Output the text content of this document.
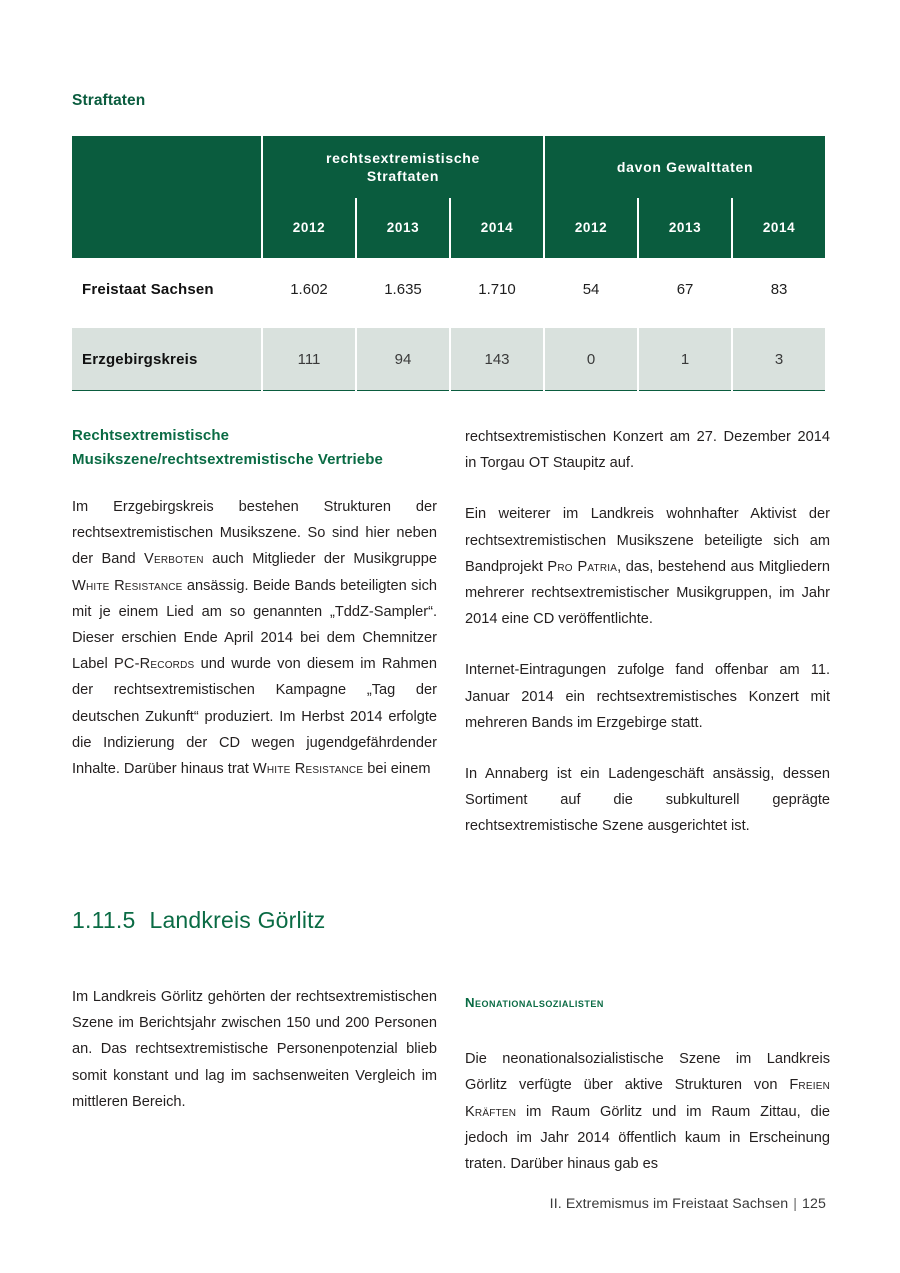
Straftaten
	rechtsextremistische
Straftaten			davon Gewalttaten		
	2012	2013	2014	2012	2013	2014
Freistaat Sachsen	1.602	1.635	1.710	54	67	83

Erzgebirgskreis	111	94	143	0	1	3
Rechtsextremistische Musikszene/rechtsextremistische Vertriebe

Im Erzgebirgskreis bestehen Strukturen der rechtsextremistischen Musikszene. So sind hier neben der Band Verboten auch Mitglieder der Musikgruppe White Resistance ansässig. Beide Bands beteiligten sich mit je einem Lied am so genannten „TddZ-Sampler“. Dieser erschien Ende April 2014 bei dem Chemnitzer Label PC-Records und wurde von diesem im Rahmen der rechtsextremistischen Kampagne „Tag der deutschen Zukunft“ produziert. Im Herbst 2014 erfolgte die Indizierung der CD wegen jugendgefährdender Inhalte. Darüber hinaus trat White Resistance bei einem

rechtsextremistischen Konzert am 27. Dezember 2014 in Torgau OT Staupitz auf.

Ein weiterer im Landkreis wohnhafter Aktivist der rechtsextremistischen Musikszene beteiligte sich am Bandprojekt Pro Patria, das, bestehend aus Mitgliedern mehrerer rechtsextremistischer Musikgruppen, im Jahr 2014 eine CD veröffentlichte.

Internet-Eintragungen zufolge fand offenbar am 11. Januar 2014 ein rechtsextremistisches Konzert mit mehreren Bands im Erzgebirge statt.

In Annaberg ist ein Ladengeschäft ansässig, dessen Sortiment auf die subkulturell geprägte rechtsextremistische Szene ausgerichtet ist.

1.11.5 Landkreis Görlitz

Im Landkreis Görlitz gehörten der rechtsextremistischen Szene im Berichtsjahr zwischen 150 und 200 Personen an. Das rechtsextremistische Personenpotenzial blieb somit konstant und lag im sachsenweiten Vergleich im mittleren Bereich.

Neonationalsozialisten

Die neonationalsozialistische Szene im Landkreis Görlitz verfügte über aktive Strukturen von Freien Kräften im Raum Görlitz und im Raum Zittau, die jedoch im Jahr 2014 öffentlich kaum in Erscheinung traten. Darüber hinaus gab es

II. Extremismus im Freistaat Sachsen | 125
